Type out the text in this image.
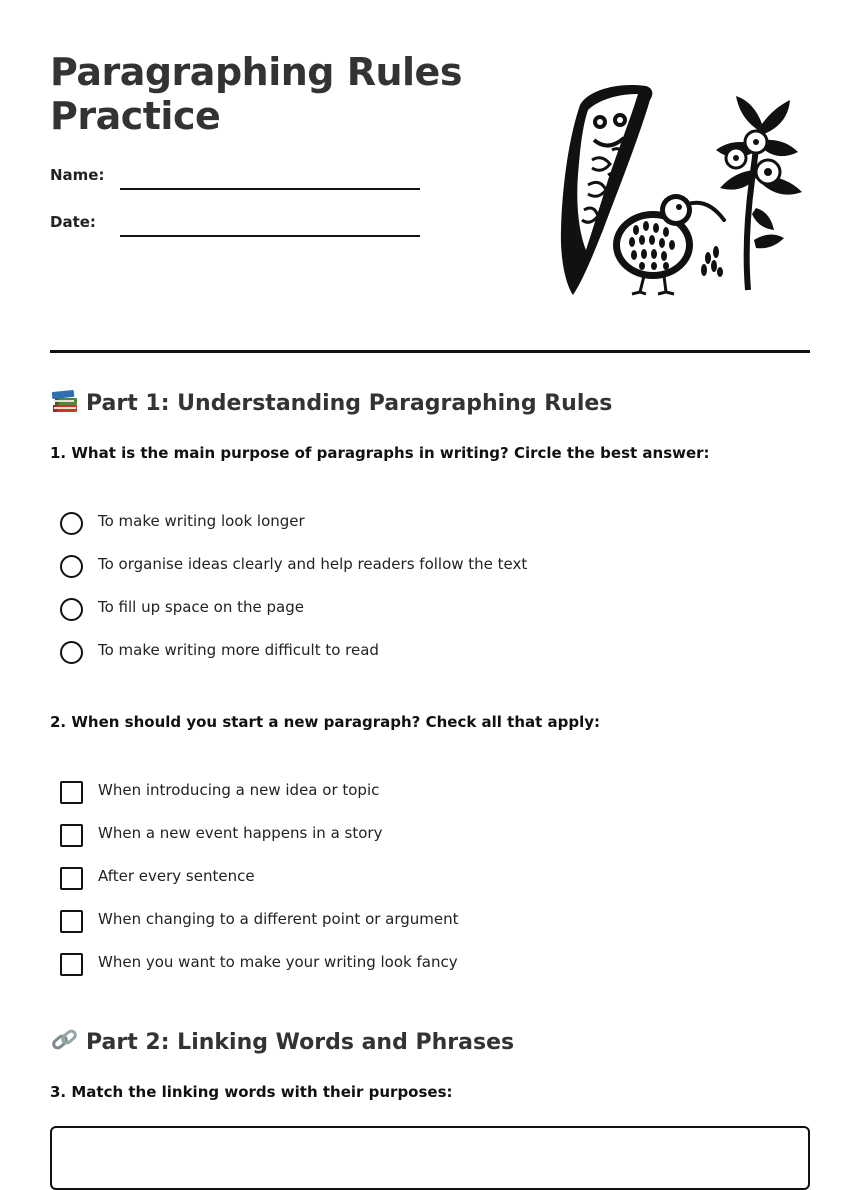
Paragraphing Rules Practice
Name:
Date:
Part 1: Understanding Paragraphing Rules

1. What is the main purpose of paragraphs in writing? Circle the best answer:

To make writing look longer
To organise ideas clearly and help readers follow the text
To fill up space on the page
To make writing more difficult to read

2. When should you start a new paragraph? Check all that apply:

When introducing a new idea or topic
When a new event happens in a story
After every sentence
When changing to a different point or argument
When you want to make your writing look fancy
Part 2: Linking Words and Phrases

3. Match the linking words with their purposes:
